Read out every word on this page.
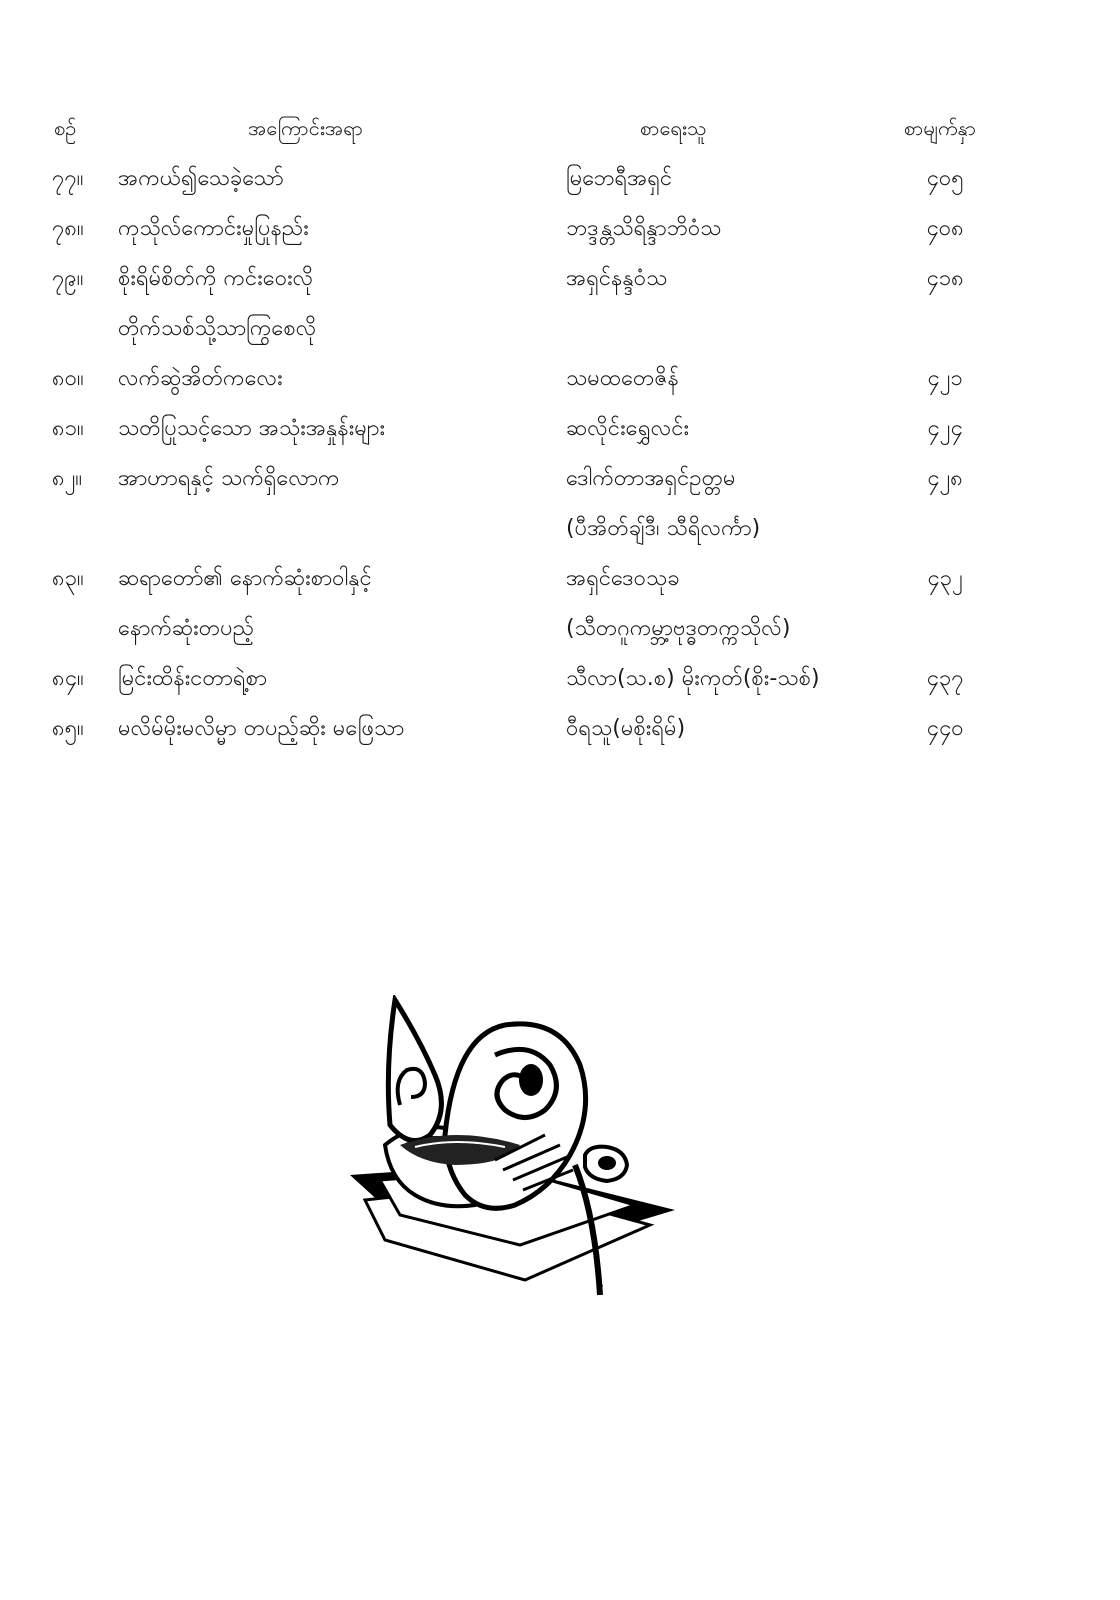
စဉ်	အကြောင်းအရာ	စာရေးသူ	စာမျက်နှာ
၇၇။ အကယ်၍သေခဲ့သော်	မြဘေရီအရှင်	၄၀၅
၇၈။ ကုသိုလ်ကောင်းမှုပြုနည်း	ဘဒ္ဒန္တသိရိန္ဒာဘိဝံသ	၄၀၈
၇၉။ စိုးရိမ်စိတ်ကို ကင်းဝေးလို	အရှင်နန္ဒဝံသ	၄၁၈
တိုက်သစ်သို့သာကြွစေလို
၈၀။ လက်ဆွဲအိတ်ကလေး	သမထတေဇိန်	၄၂၁
၈၁။ သတိပြုသင့်သော အသုံးအနှုန်းများ	ဆလိုင်းရွှေလင်း	၄၂၄
၈၂။ အာဟာရနှင့် သက်ရှိလောက	ဒေါက်တာအရှင်ဥတ္တမ	၄၂၈
(ပီအိတ်ချ်ဒီ၊ သီရိလင်္ကာ)
၈၃။ ဆရာတော်၏ နောက်ဆုံးစာဝါနှင့်	အရှင်ဒေဝသုခ	၄၃၂
နောက်ဆုံးတပည့်	(သီတဂူကမ္ဘာ့ဗုဒ္ဓတက္ကသိုလ်)
၈၄။ မြင်းထိန်းငတာရဲ့စာ	သီလာ(သ.စ) မိုးကုတ်(စိုး-သစ်)	၄၃၇
၈၅။ မလိမ်မိုးမလိမ္မာ တပည့်ဆိုး မဖြေသာ	ဝီရသူ(မစိုးရိမ်)	၄၄၀
